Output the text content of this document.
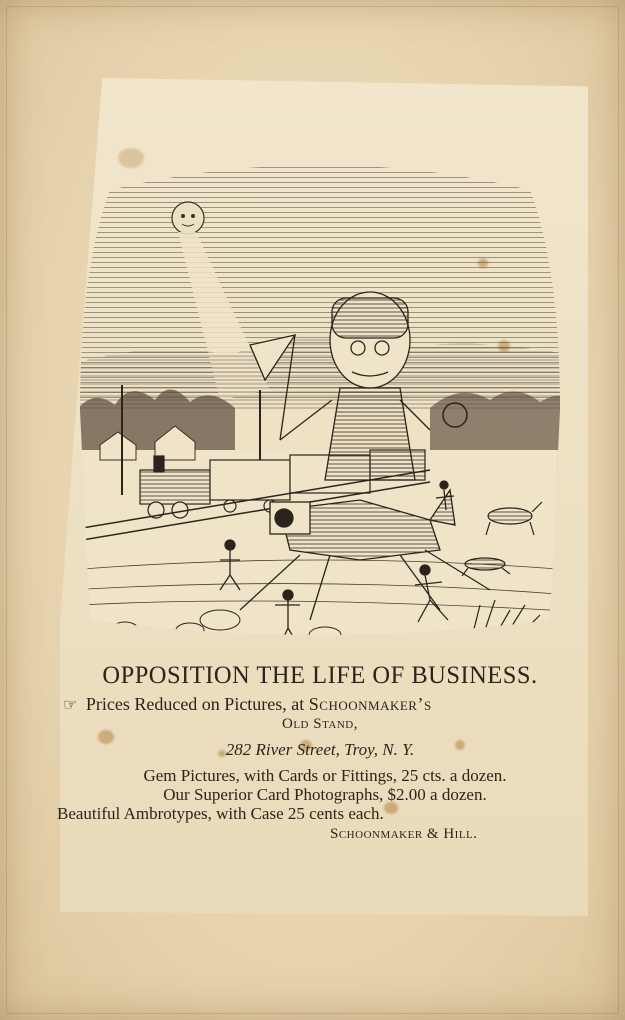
OPPOSITION THE LIFE OF BUSINESS.
☞ Prices Reduced on Pictures, at Schoonmaker’s
Old Stand,
282 River Street, Troy, N. Y.
Gem Pictures, with Cards or Fittings, 25 cts. a dozen.
Our Superior Card Photographs, $2.00 a dozen.
Beautiful Ambrotypes, with Case 25 cents each.
Schoonmaker & Hill.
